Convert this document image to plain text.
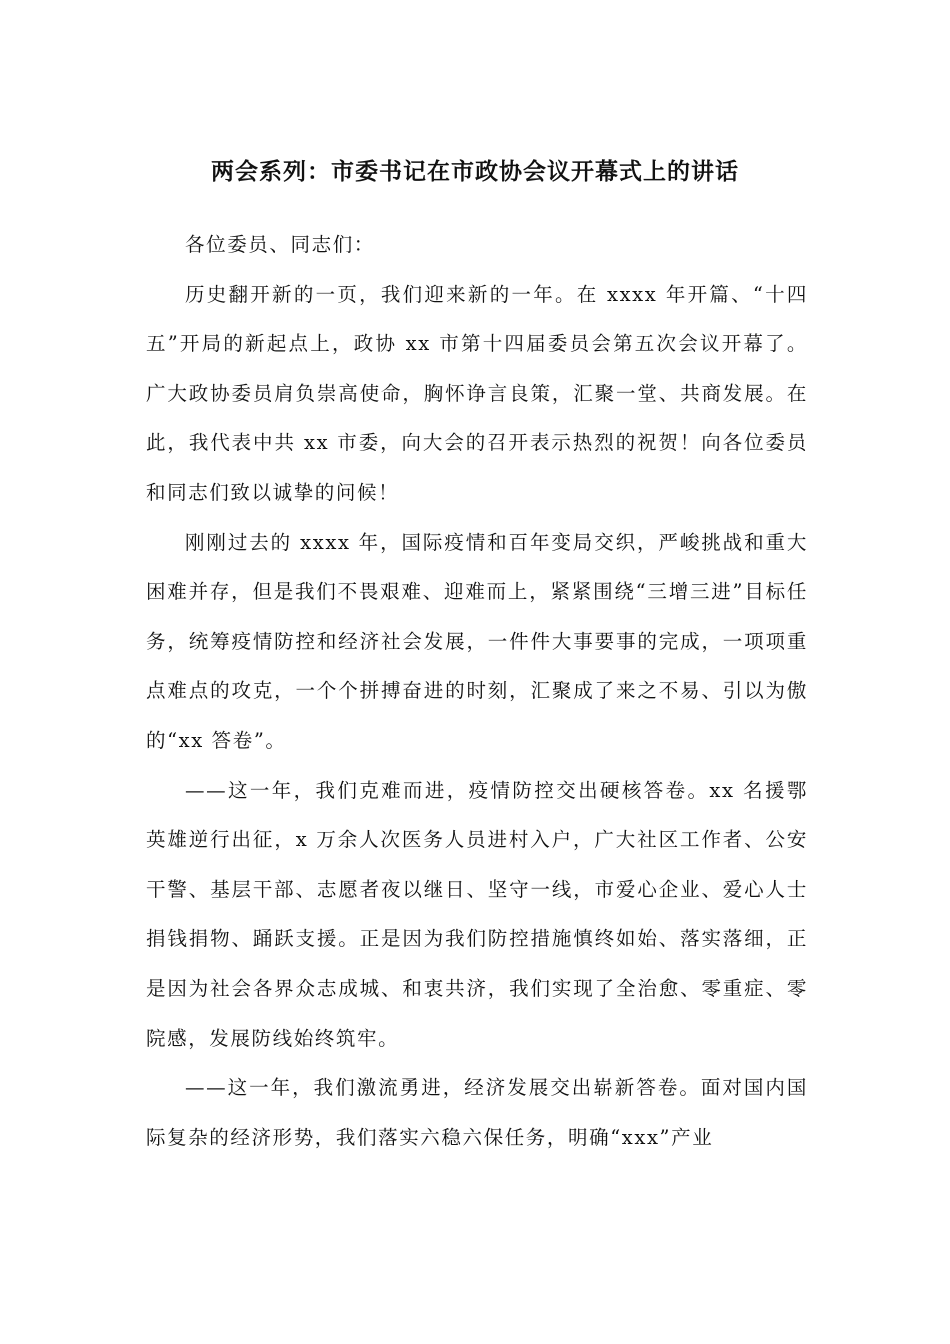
两会系列：市委书记在市政协会议开幕式上的讲话

各位委员、同志们：

历史翻开新的一页，我们迎来新的一年。在 xxxx 年开篇、“十四五”开局的新起点上，政协 xx 市第十四届委员会第五次会议开幕了。广大政协委员肩负崇高使命，胸怀诤言良策，汇聚一堂、共商发展。在此，我代表中共 xx 市委，向大会的召开表示热烈的祝贺！向各位委员和同志们致以诚挚的问候！

刚刚过去的 xxxx 年，国际疫情和百年变局交织，严峻挑战和重大困难并存，但是我们不畏艰难、迎难而上，紧紧围绕“三增三进”目标任务，统筹疫情防控和经济社会发展，一件件大事要事的完成，一项项重点难点的攻克，一个个拼搏奋进的时刻，汇聚成了来之不易、引以为傲的“xx 答卷”。

——这一年，我们克难而进，疫情防控交出硬核答卷。xx 名援鄂英雄逆行出征，x 万余人次医务人员进村入户，广大社区工作者、公安干警、基层干部、志愿者夜以继日、坚守一线，市爱心企业、爱心人士捐钱捐物、踊跃支援。正是因为我们防控措施慎终如始、落实落细，正是因为社会各界众志成城、和衷共济，我们实现了全治愈、零重症、零院感，发展防线始终筑牢。

——这一年，我们激流勇进，经济发展交出崭新答卷。面对国内国际复杂的经济形势，我们落实六稳六保任务，明确“xxx”产业
